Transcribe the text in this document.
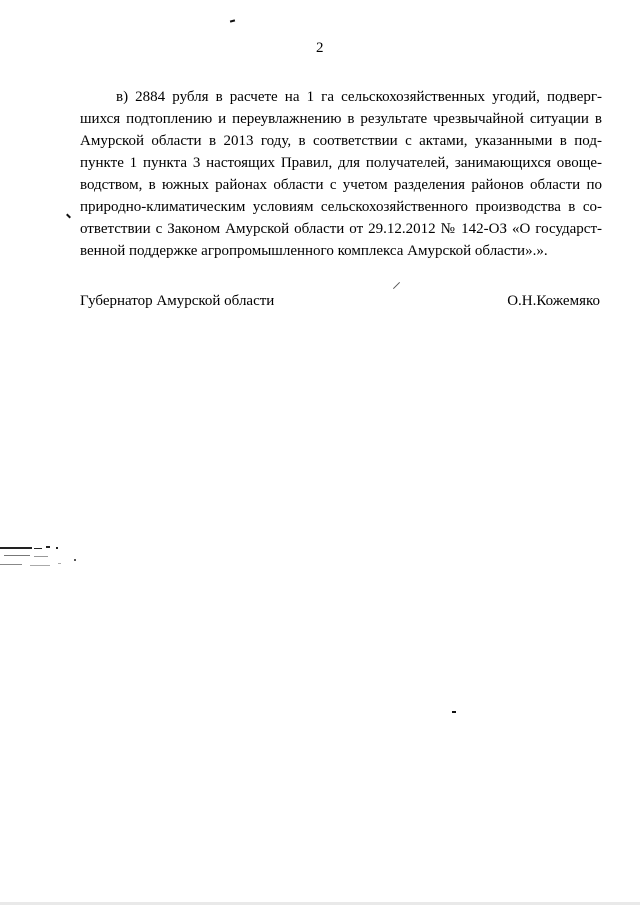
2
в) 2884 рубля в расчете на 1 га сельскохозяйственных угодий, подверг-
шихся подтоплению и переувлажнению в результате чрезвычайной ситуации в
Амурской области в 2013 году, в соответствии с актами, указанными в под-
пункте 1 пункта 3 настоящих Правил, для получателей, занимающихся овоще-
водством, в южных районах области с учетом разделения районов области по
природно-климатическим условиям сельскохозяйственного производства в со-
ответствии с Законом Амурской области от 29.12.2012 № 142-ОЗ «О государст-
венной поддержке агропромышленного комплекса Амурской области».».
Губернатор Амурской области	О.Н.Кожемяко
